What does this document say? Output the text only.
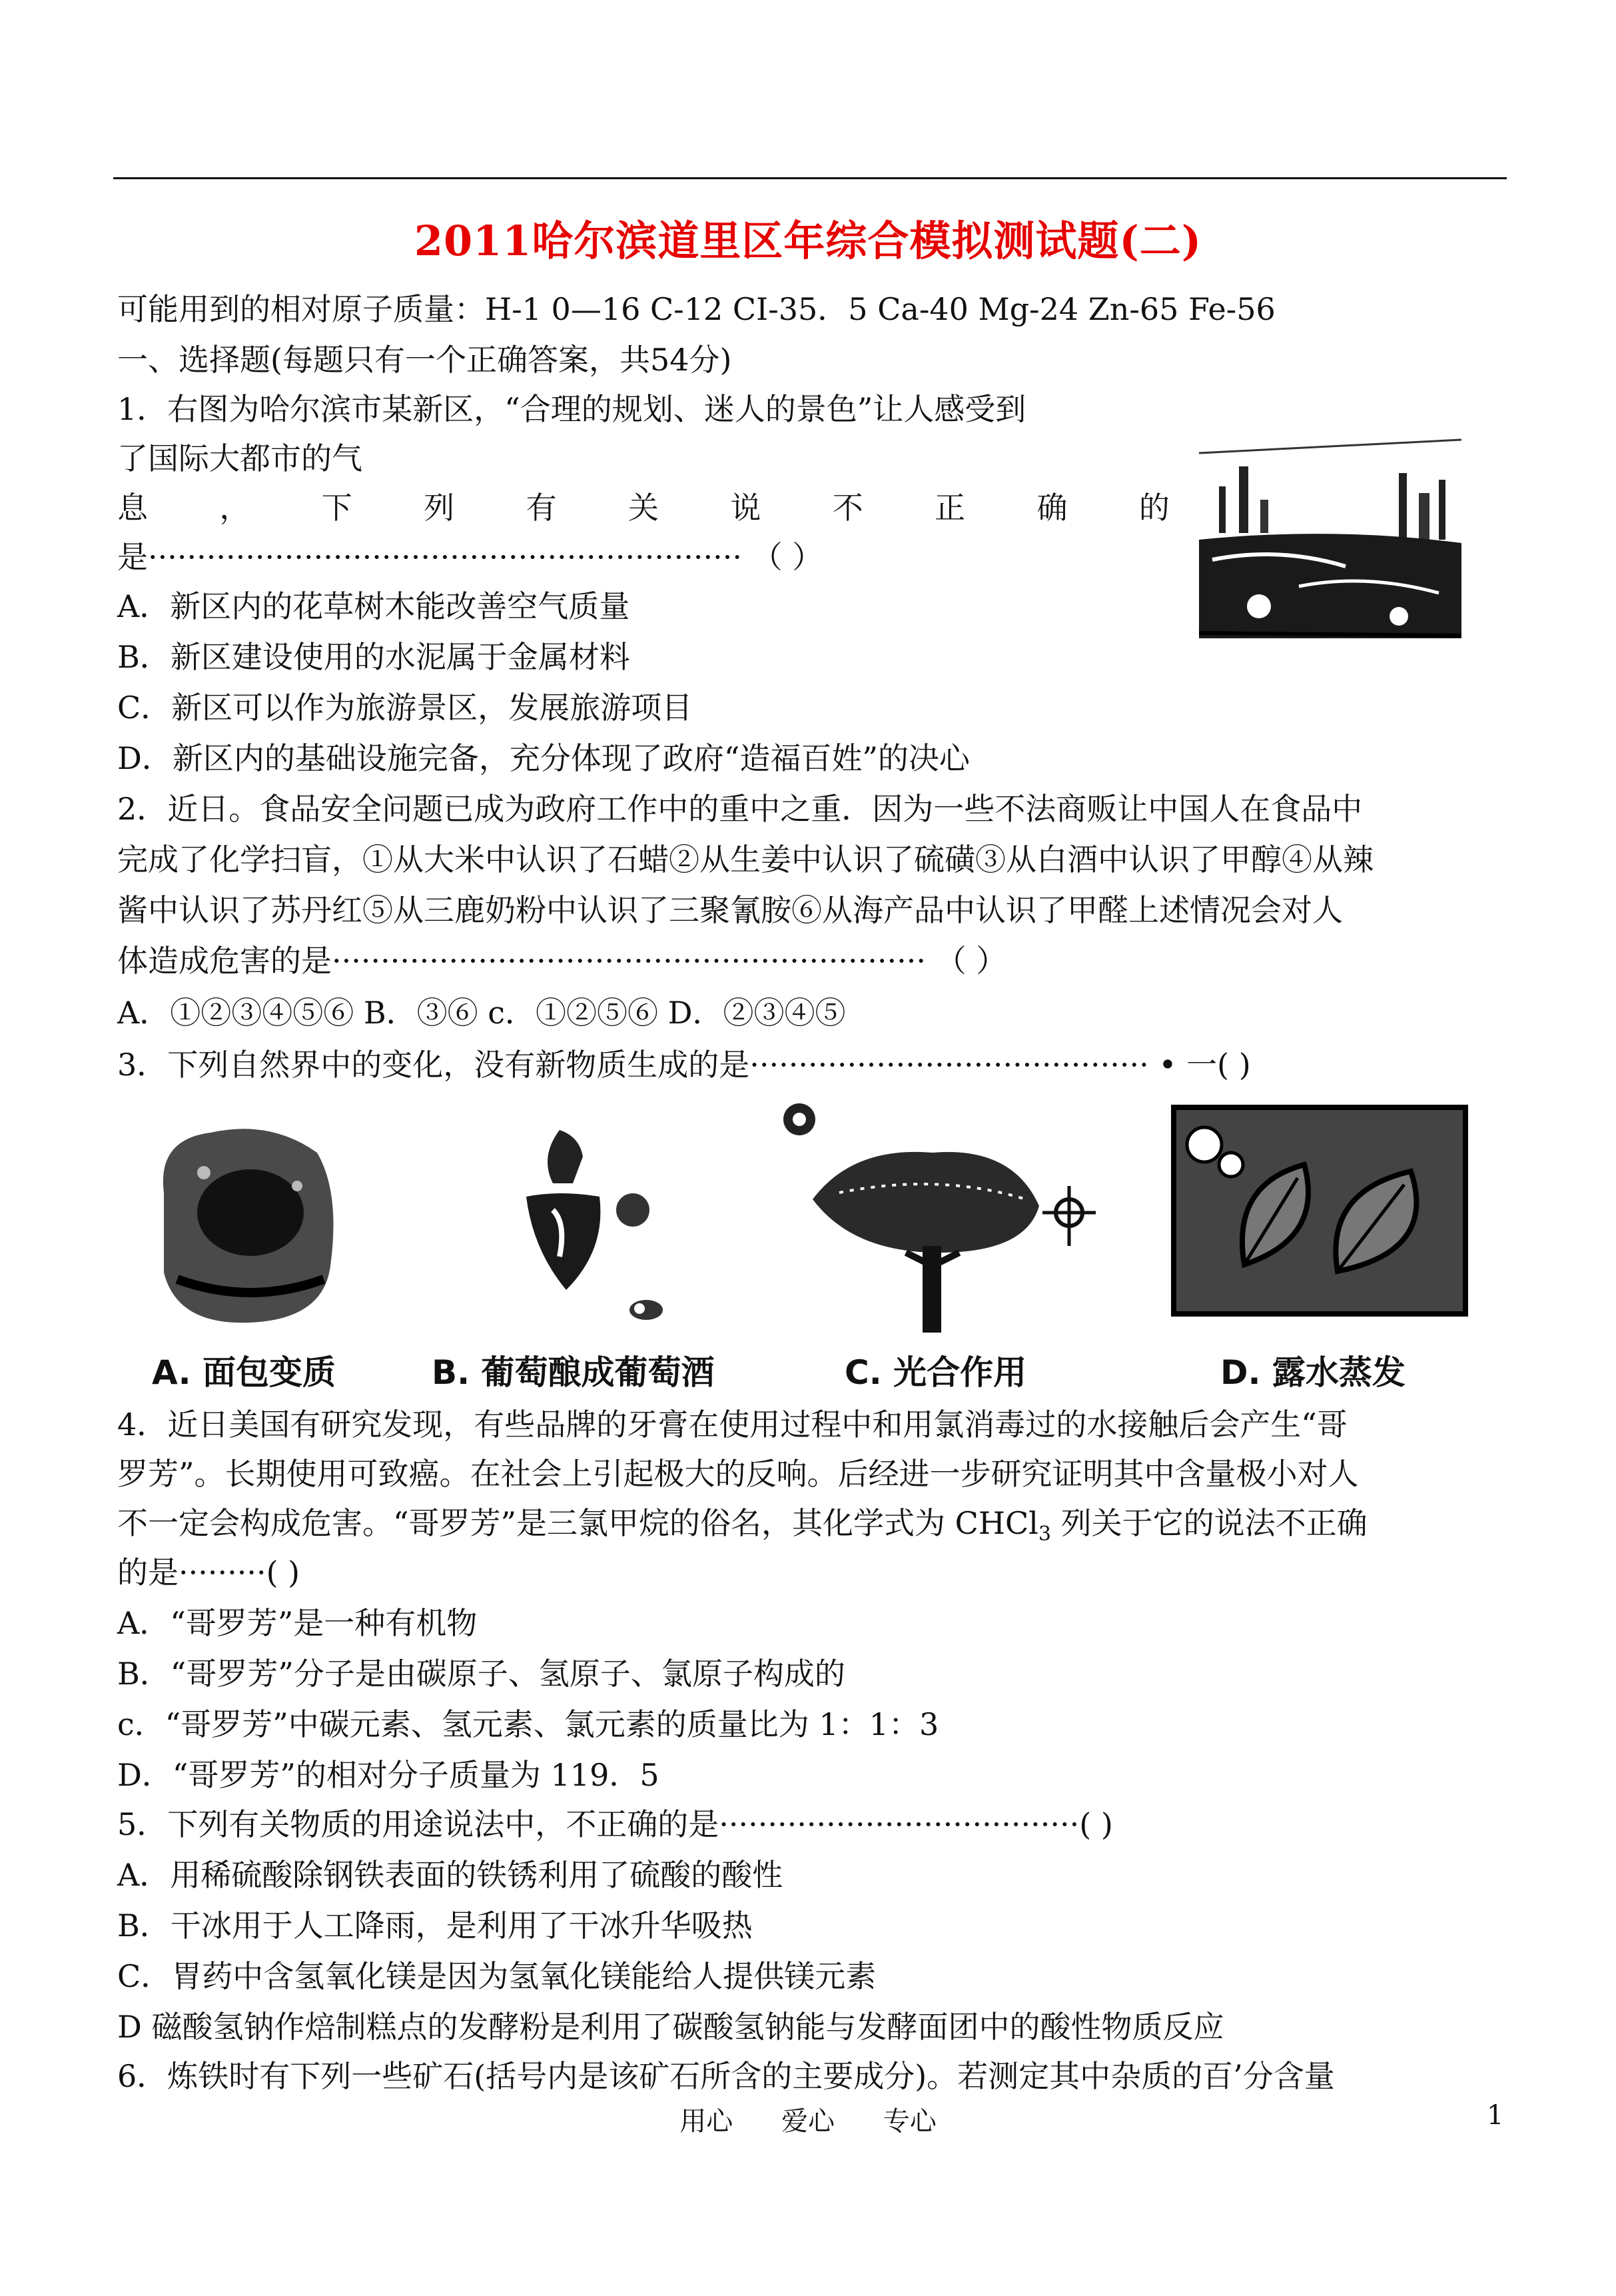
2011哈尔滨道里区年综合模拟测试题(二)
可能用到的相对原子质量：H-1 0—16 C-12 CI-35．5 Ca-40 Mg-24 Zn-65 Fe-56
一、选择题(每题只有一个正确答案，共54分)
1．右图为哈尔滨市某新区，“合理的规划、迷人的景色”让人感受到
了国际大都市的气
息 ， 下 列 有 关 说 不 正 确 的
是····························································· （ ）
A．新区内的花草树木能改善空气质量
B．新区建设使用的水泥属于金属材料
C．新区可以作为旅游景区，发展旅游项目
D．新区内的基础设施完备，充分体现了政府“造福百姓”的决心
2．近日。食品安全问题已成为政府工作中的重中之重．因为一些不法商贩让中国人在食品中
完成了化学扫盲，①从大米中认识了石蜡②从生姜中认识了硫磺③从白酒中认识了甲醇④从辣
酱中认识了苏丹红⑤从三鹿奶粉中认识了三聚氰胺⑥从海产品中认识了甲醛上述情况会对人
体造成危害的是····························································· （ ）
A．①②③④⑤⑥ B．③⑥ c．①②⑤⑥ D．②③④⑤
3．下列自然界中的变化，没有新物质生成的是········································· • 一( )
A. 面包变质	B. 葡萄酿成葡萄酒	C. 光合作用	D. 露水蒸发
4．近日美国有研究发现，有些品牌的牙膏在使用过程中和用氯消毒过的水接触后会产生“哥
罗芳”。长期使用可致癌。在社会上引起极大的反响。后经进一步研究证明其中含量极小对人
不一定会构成危害。“哥罗芳”是三氯甲烷的俗名，其化学式为 CHCl$_3$ 列关于它的说法不正确
的是·········( )
A．“哥罗芳”是一种有机物
B．“哥罗芳”分子是由碳原子、氢原子、氯原子构成的
c．“哥罗芳”中碳元素、氢元素、氯元素的质量比为 1：1：3
D．“哥罗芳”的相对分子质量为 119．5
5．下列有关物质的用途说法中，不正确的是·····································( )
A．用稀硫酸除钢铁表面的铁锈利用了硫酸的酸性
B．干冰用于人工降雨，是利用了干冰升华吸热
C．胃药中含氢氧化镁是因为氢氧化镁能给人提供镁元素
D 磁酸氢钠作焙制糕点的发酵粉是利用了碳酸氢钠能与发酵面团中的酸性物质反应
6．炼铁时有下列一些矿石(括号内是该矿石所含的主要成分)。若测定其中杂质的百’分含量
用心 爱心 专心	1
